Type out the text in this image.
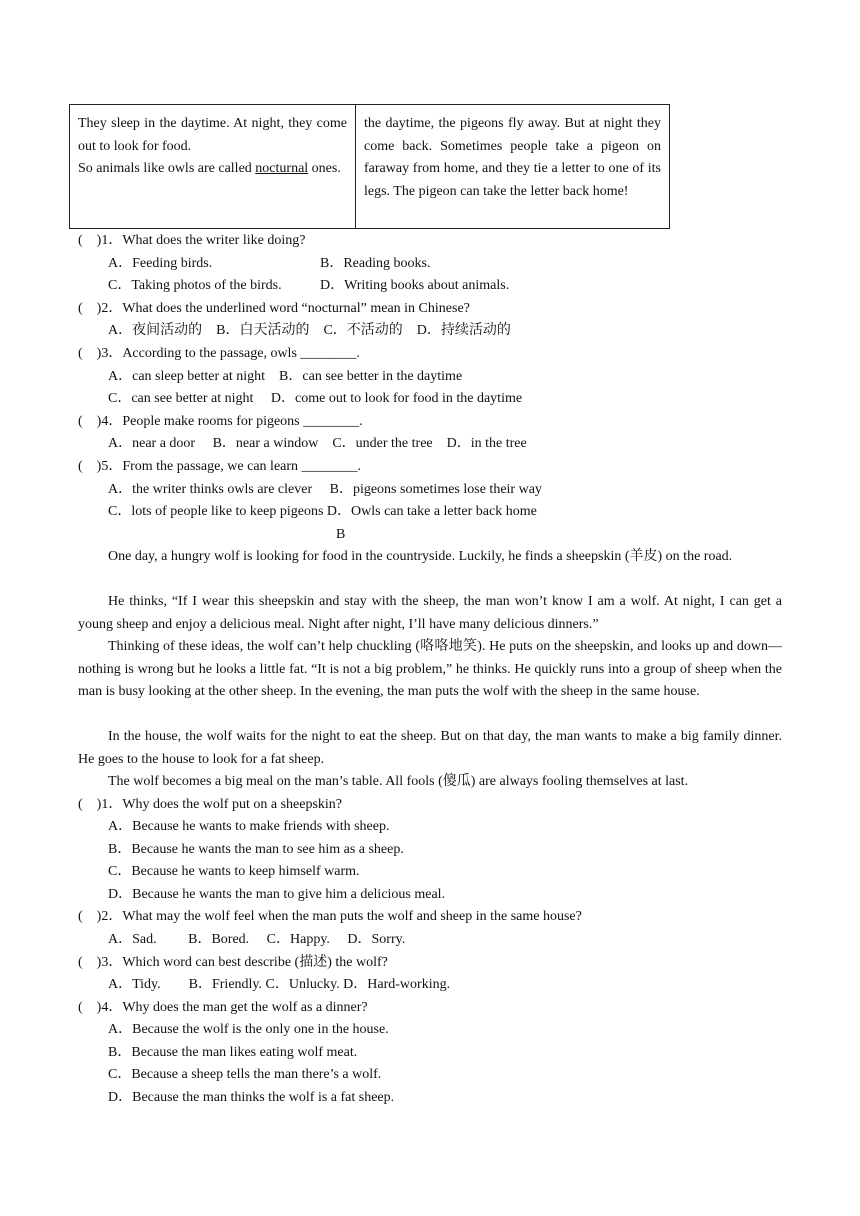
They sleep in the daytime. At night, they come out to look for food.
So animals like owls are called nocturnal ones.
the daytime, the pigeons fly away. But at night they come back. Sometimes people take a pigeon on faraway from home, and they tie a letter to one of its legs. The pigeon can take the letter back home!
(　)1．What does the writer like doing?
A．Feeding birds.	B．Reading books.
C．Taking photos of the birds.	D．Writing books about animals.
(　)2．What does the underlined word “nocturnal” mean in Chinese?
A．夜间活动的　B．白天活动的　C．不活动的　D．持续活动的
(　)3．According to the passage, owls ________.
A．can sleep better at night　B．can see better in the daytime
C．can see better at night　 D．come out to look for food in the daytime
(　)4．People make rooms for pigeons ________.
A．near a door　 B．near a window　C．under the tree　D．in the tree
(　)5．From the passage, we can learn ________.
A．the writer thinks owls are clever　 B．pigeons sometimes lose their way
C．lots of people like to keep pigeons D．Owls can take a letter back home
B
One day, a hungry wolf is looking for food in the countryside. Luckily, he finds a sheepskin (羊皮) on the road.
He thinks, “If I wear this sheepskin and stay with the sheep, the man won’t know I am a wolf. At night, I can get a young sheep and enjoy a delicious meal. Night after night, I’ll have many delicious dinners.”
Thinking of these ideas, the wolf can’t help chuckling (咯咯地笑). He puts on the sheepskin, and looks up and down—nothing is wrong but he looks a little fat. “It is not a big problem,” he thinks. He quickly runs into a group of sheep when the man is busy looking at the other sheep. In the evening, the man puts the wolf with the sheep in the same house.
In the house, the wolf waits for the night to eat the sheep. But on that day, the man wants to make a big family dinner. He goes to the house to look for a fat sheep.
The wolf becomes a big meal on the man’s table. All fools (傻瓜) are always fooling themselves at last.
(　)1．Why does the wolf put on a sheepskin?
A．Because he wants to make friends with sheep.
B．Because he wants the man to see him as a sheep.
C．Because he wants to keep himself warm.
D．Because he wants the man to give him a delicious meal.
(　)2．What may the wolf feel when the man puts the wolf and sheep in the same house?
A．Sad.　　 B．Bored.　 C．Happy.　 D．Sorry.
(　)3．Which word can best describe (描述) the wolf?
A．Tidy.　　B．Friendly. C．Unlucky. D．Hard-working.
(　)4．Why does the man get the wolf as a dinner?
A．Because the wolf is the only one in the house.
B．Because the man likes eating wolf meat.
C．Because a sheep tells the man there’s a wolf.
D．Because the man thinks the wolf is a fat sheep.
